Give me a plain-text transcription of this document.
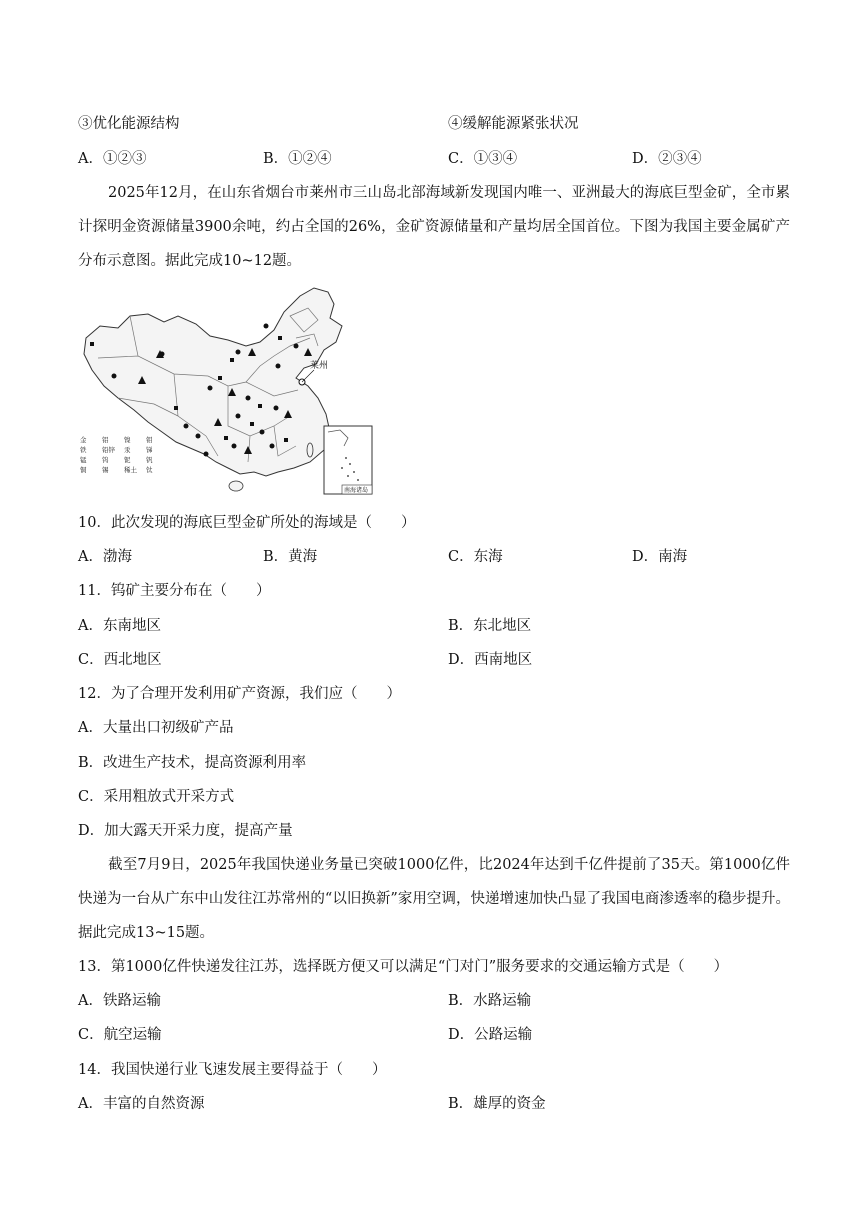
③优化能源结构	④缓解能源紧张状况
A．①②③	B．①②④	C．①③④	D．②③④
2025年12月，在山东省烟台市莱州市三山岛北部海域新发现国内唯一、亚洲最大的海底巨型金矿，全市累计探明金资源储量3900余吨，约占全国的26%，金矿资源储量和产量均居全国首位。下图为我国主要金属矿产分布示意图。据此完成10~12题。
莱州
金
铁
锰
铜
铝
铅锌
钨
锡
镍
汞
铌
稀土
钼
锑
钒
钛
南海诸岛
10．此次发现的海底巨型金矿所处的海域是（　　）
A．渤海	B．黄海	C．东海	D．南海
11．钨矿主要分布在（　　）
A．东南地区	B．东北地区
C．西北地区	D．西南地区
12．为了合理开发利用矿产资源，我们应（　　）
A．大量出口初级矿产品
B．改进生产技术，提高资源利用率
C．采用粗放式开采方式
D．加大露天开采力度，提高产量
截至7月9日，2025年我国快递业务量已突破1000亿件，比2024年达到千亿件提前了35天。第1000亿件快递为一台从广东中山发往江苏常州的“以旧换新”家用空调，快递增速加快凸显了我国电商渗透率的稳步提升。据此完成13~15题。
13．第1000亿件快递发往江苏，选择既方便又可以满足“门对门”服务要求的交通运输方式是（　　）
A．铁路运输	B．水路运输
C．航空运输	D．公路运输
14．我国快递行业飞速发展主要得益于（　　）
A．丰富的自然资源	B．雄厚的资金
